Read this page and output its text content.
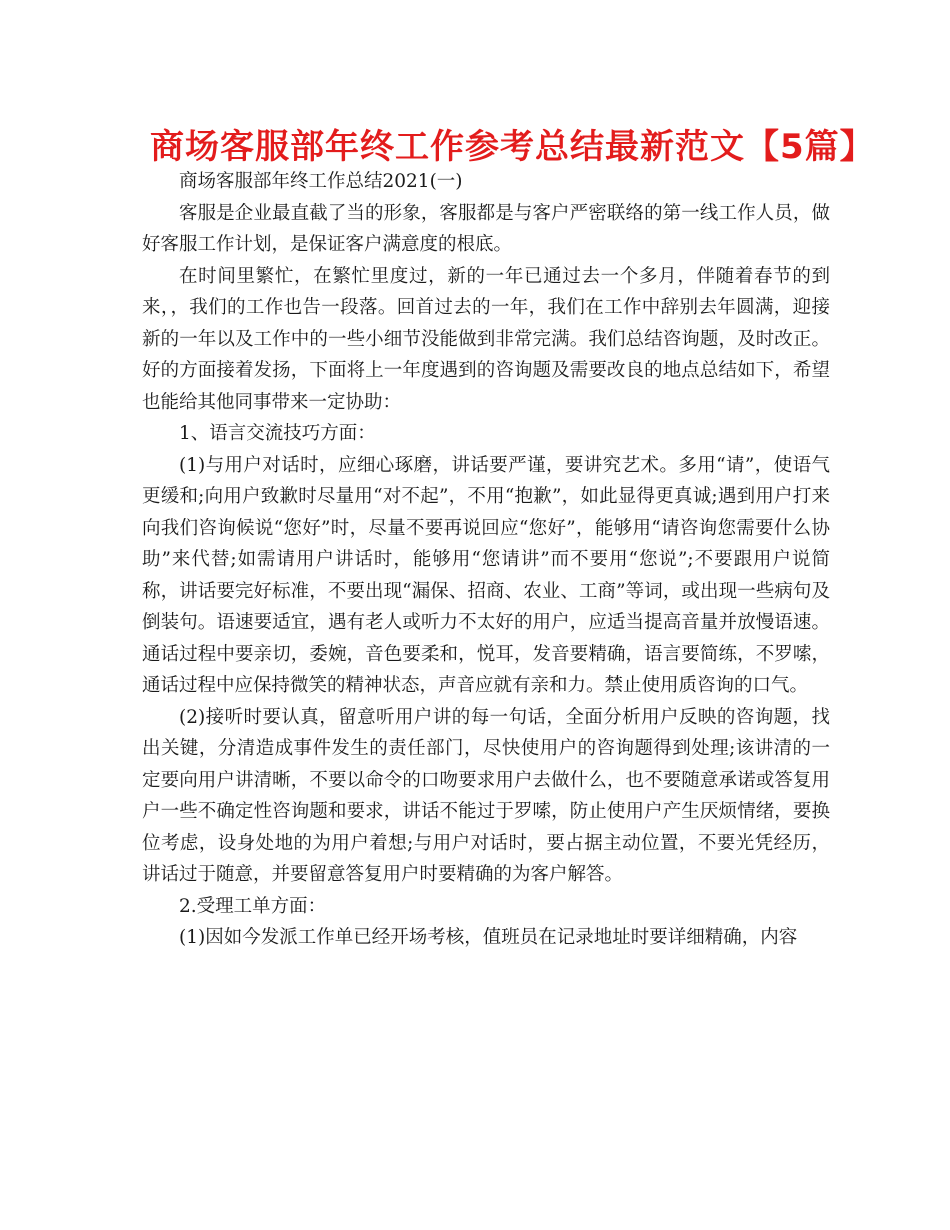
商场客服部年终工作参考总结最新范文【5篇】

商场客服部年终工作总结2021(一)

客服是企业最直截了当的形象，客服都是与客户严密联络的第一线工作人员，做好客服工作计划，是保证客户满意度的根底。

在时间里繁忙，在繁忙里度过，新的一年已通过去一个多月，伴随着春节的到来，，我们的工作也告一段落。回首过去的一年，我们在工作中辞别去年圆满，迎接新的一年以及工作中的一些小细节没能做到非常完满。我们总结咨询题，及时改正。好的方面接着发扬，下面将上一年度遇到的咨询题及需要改良的地点总结如下，希望也能给其他同事带来一定协助：

1、语言交流技巧方面：

(1)与用户对话时，应细心琢磨，讲话要严谨，要讲究艺术。多用“请”，使语气更缓和;向用户致歉时尽量用“对不起”，不用“抱歉”，如此显得更真诚;遇到用户打来向我们咨询候说“您好”时，尽量不要再说回应“您好”，能够用“请咨询您需要什么协助”来代替;如需请用户讲话时，能够用“您请讲”而不要用“您说”;不要跟用户说简称，讲话要完好标准，不要出现“漏保、招商、农业、工商”等词，或出现一些病句及倒装句。语速要适宜，遇有老人或听力不太好的用户，应适当提高音量并放慢语速。通话过程中要亲切，委婉，音色要柔和，悦耳，发音要精确，语言要简练，不罗嗦，通话过程中应保持微笑的精神状态，声音应就有亲和力。禁止使用质咨询的口气。

(2)接听时要认真，留意听用户讲的每一句话，全面分析用户反映的咨询题，找出关键，分清造成事件发生的责任部门，尽快使用户的咨询题得到处理;该讲清的一定要向用户讲清晰，不要以命令的口吻要求用户去做什么，也不要随意承诺或答复用户一些不确定性咨询题和要求，讲话不能过于罗嗦，防止使用户产生厌烦情绪，要换位考虑，设身处地的为用户着想;与用户对话时，要占据主动位置，不要光凭经历，讲话过于随意，并要留意答复用户时要精确的为客户解答。

2.受理工单方面：

(1)因如今发派工作单已经开场考核，值班员在记录地址时要详细精确，内容
